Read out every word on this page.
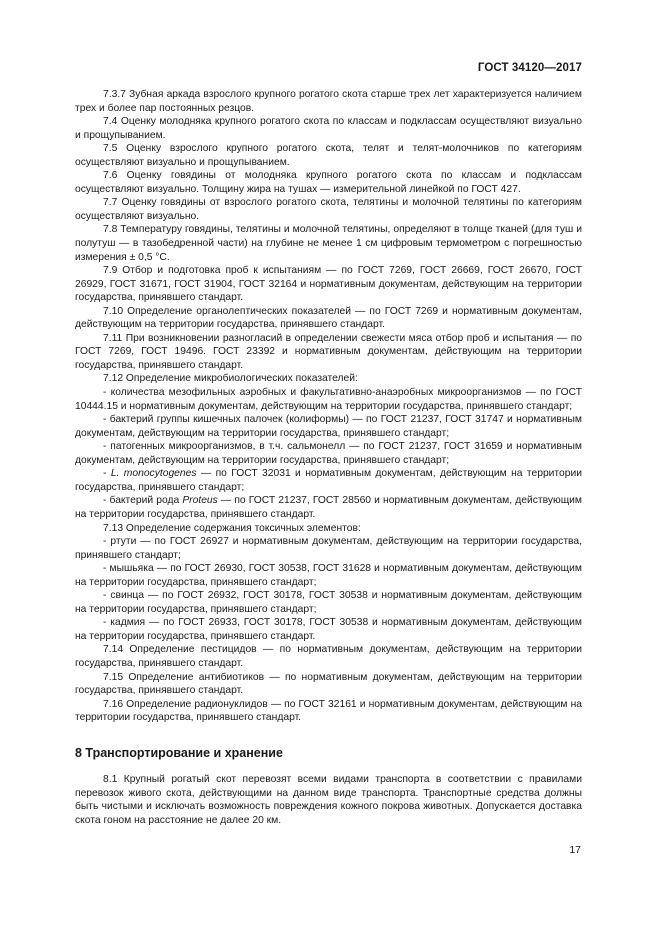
ГОСТ 34120—2017

7.3.7 Зубная аркада взрослого крупного рогатого скота старше трех лет характеризуется наличием трех и более пар постоянных резцов.

7.4 Оценку молодняка крупного рогатого скота по классам и подклассам осуществляют визуально и прощупыванием.

7.5 Оценку взрослого крупного рогатого скота, телят и телят-молочников по категориям осуществляют визуально и прощупыванием.

7.6 Оценку говядины от молодняка крупного рогатого скота по классам и подклассам осуществляют визуально. Толщину жира на тушах — измерительной линейкой по ГОСТ 427.

7.7 Оценку говядины от взрослого рогатого скота, телятины и молочной телятины по категориям осуществляют визуально.

7.8 Температуру говядины, телятины и молочной телятины, определяют в толще тканей (для туш и полутуш — в тазобедренной части) на глубине не менее 1 см цифровым термометром с погрешностью измерения ± 0,5 °С.

7.9 Отбор и подготовка проб к испытаниям — по ГОСТ 7269, ГОСТ 26669, ГОСТ 26670, ГОСТ 26929, ГОСТ 31671, ГОСТ 31904, ГОСТ 32164 и нормативным документам, действующим на территории государства, принявшего стандарт.

7.10 Определение органолептических показателей — по ГОСТ 7269 и нормативным документам, действующим на территории государства, принявшего стандарт.

7.11 При возникновении разногласий в определении свежести мяса отбор проб и испытания — по ГОСТ 7269, ГОСТ 19496. ГОСТ 23392 и нормативным документам, действующим на территории государства, принявшего стандарт.

7.12 Определение микробиологических показателей:

- количества мезофильных аэробных и факультативно-анаэробных микроорганизмов — по ГОСТ 10444.15 и нормативным документам, действующим на территории государства, принявшего стандарт;

- бактерий группы кишечных палочек (колиформы) — по ГОСТ 21237, ГОСТ 31747 и нормативным документам, действующим на территории государства, принявшего стандарт;

- патогенных микроорганизмов, в т.ч. сальмонелл — по ГОСТ 21237, ГОСТ 31659 и нормативным документам, действующим на территории государства, принявшего стандарт;

- L. monocytogenes — по ГОСТ 32031 и нормативным документам, действующим на территории государства, принявшего стандарт;

- бактерий рода Proteus — по ГОСТ 21237, ГОСТ 28560 и нормативным документам, действующим на территории государства, принявшего стандарт.

7.13 Определение содержания токсичных элементов:

- ртути — по ГОСТ 26927 и нормативным документам, действующим на территории государства, принявшего стандарт;

- мышьяка — по ГОСТ 26930, ГОСТ 30538, ГОСТ 31628 и нормативным документам, действующим на территории государства, принявшего стандарт;

- свинца — по ГОСТ 26932, ГОСТ 30178, ГОСТ 30538 и нормативным документам, действующим на территории государства, принявшего стандарт;

- кадмия — по ГОСТ 26933, ГОСТ 30178, ГОСТ 30538 и нормативным документам, действующим на территории государства, принявшего стандарт.

7.14 Определение пестицидов — по нормативным документам, действующим на территории государства, принявшего стандарт.

7.15 Определение антибиотиков — по нормативным документам, действующим на территории государства, принявшего стандарт.

7.16 Определение радионуклидов — по ГОСТ 32161 и нормативным документам, действующим на территории государства, принявшего стандарт.

8 Транспортирование и хранение

8.1 Крупный рогатый скот перевозят всеми видами транспорта в соответствии с правилами перевозок живого скота, действующими на данном виде транспорта. Транспортные средства должны быть чистыми и исключать возможность повреждения кожного покрова животных. Допускается доставка скота гоном на расстояние не далее 20 км.

17
